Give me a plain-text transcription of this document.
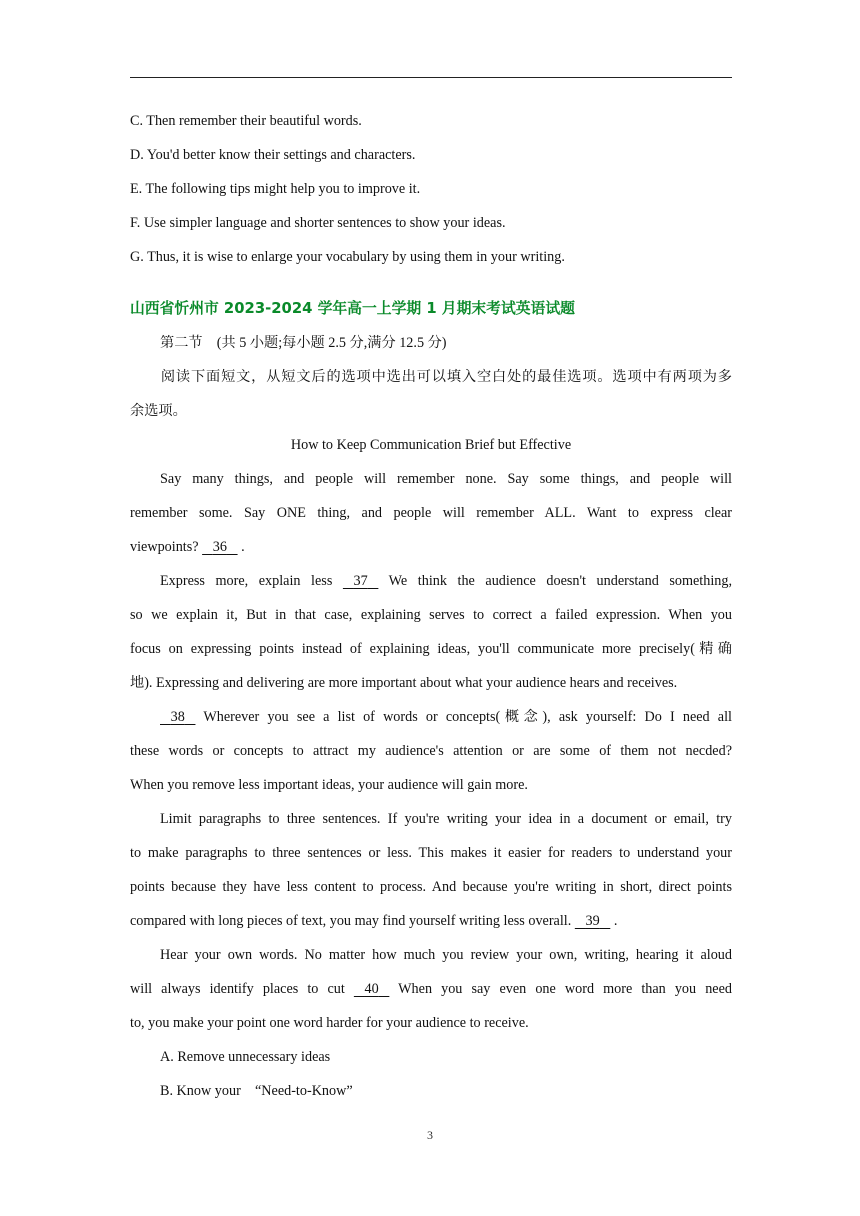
C. Then remember their beautiful words.
D. You'd better know their settings and characters.
E. The following tips might help you to improve it.
F. Use simpler language and shorter sentences to show your ideas.
G. Thus, it is wise to enlarge your vocabulary by using them in your writing.
山西省忻州市 2023-2024 学年高一上学期 1 月期末考试英语试题
第二节　(共 5 小题;每小题 2.5 分,满分 12.5 分)
阅读下面短文，从短文后的选项中选出可以填入空白处的最佳选项。选项中有两项为多
余选项。
How to Keep Communication Brief but Effective
Say many things, and people will remember none. Say some things, and people will
remember some. Say ONE thing, and people will remember ALL. Want to express clear
viewpoints? 36    .
Express more, explain less    37    We think the audience doesn't understand something,
so we explain it, But in that case, explaining serves to correct a failed expression. When you
focus on expressing points instead of explaining ideas, you'll communicate more precisely(精确
地). Expressing and delivering are more important about what your audience hears and receives.
38    Wherever you see a list of words or concepts(概念), ask yourself: Do I need all
these words or concepts to attract my audience's attention or are some of them not necded?
When you remove less important ideas, your audience will gain more.
Limit paragraphs to three sentences. If you're writing your idea in a document or email, try
to make paragraphs to three sentences or less. This makes it easier for readers to understand your
points because they have less content to process. And because you're writing in short, direct points
compared with long pieces of text, you may find yourself writing less overall.    39    .
Hear your own words. No matter how much you review your own, writing, hearing it aloud
will always identify places to cut    40    When you say even one word more than you need
to, you make your point one word harder for your audience to receive.
A. Remove unnecessary ideas
B. Know your　“Need-to-Know”
3
